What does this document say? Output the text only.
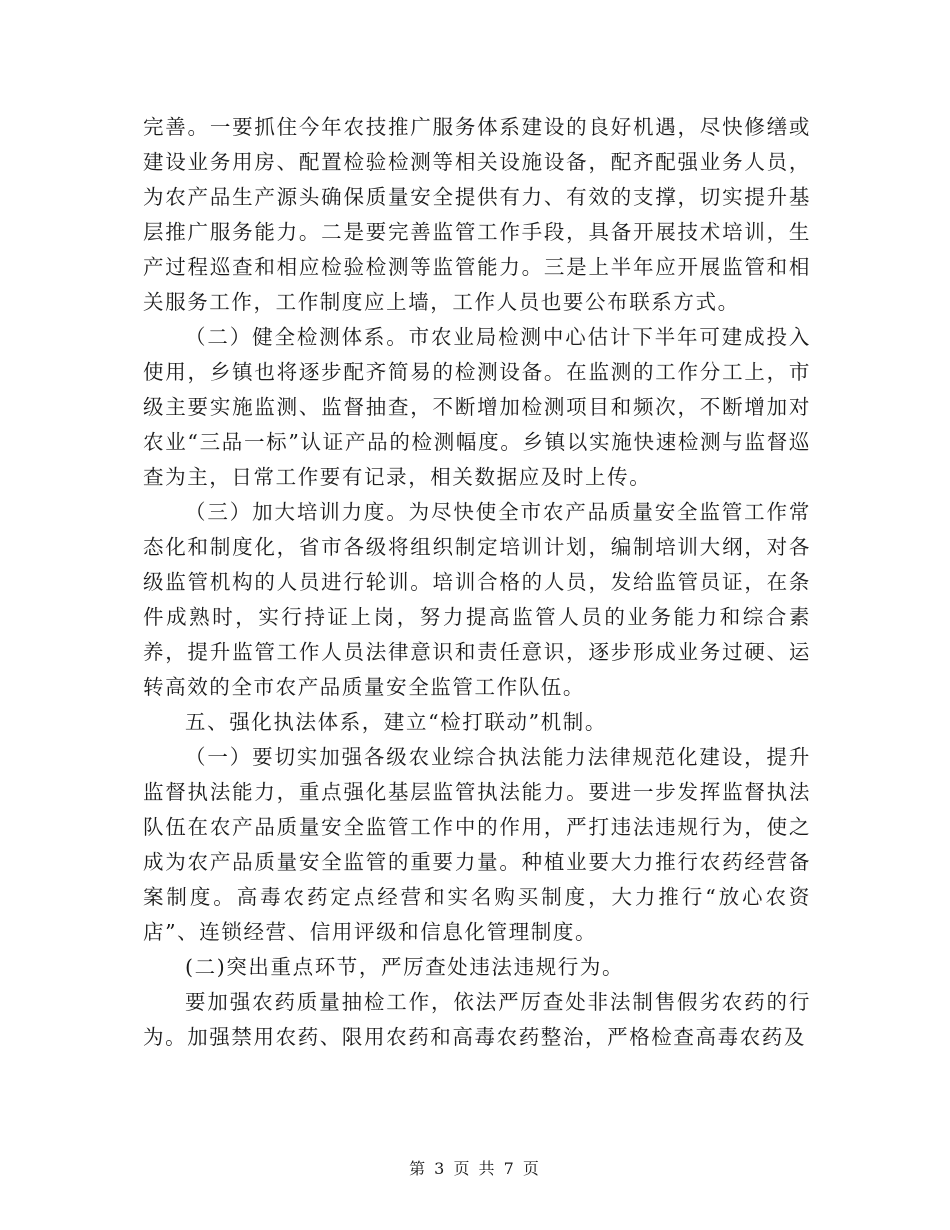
完善。一要抓住今年农技推广服务体系建设的良好机遇，尽快修缮或建设业务用房、配置检验检测等相关设施设备，配齐配强业务人员，为农产品生产源头确保质量安全提供有力、有效的支撑，切实提升基层推广服务能力。二是要完善监管工作手段，具备开展技术培训，生产过程巡查和相应检验检测等监管能力。三是上半年应开展监管和相关服务工作，工作制度应上墙，工作人员也要公布联系方式。

（二）健全检测体系。市农业局检测中心估计下半年可建成投入使用，乡镇也将逐步配齐简易的检测设备。在监测的工作分工上，市级主要实施监测、监督抽查，不断增加检测项目和频次，不断增加对农业“三品一标”认证产品的检测幅度。乡镇以实施快速检测与监督巡查为主，日常工作要有记录，相关数据应及时上传。

（三）加大培训力度。为尽快使全市农产品质量安全监管工作常态化和制度化，省市各级将组织制定培训计划，编制培训大纲，对各级监管机构的人员进行轮训。培训合格的人员，发给监管员证，在条件成熟时，实行持证上岗，努力提高监管人员的业务能力和综合素养，提升监管工作人员法律意识和责任意识，逐步形成业务过硬、运转高效的全市农产品质量安全监管工作队伍。

五、强化执法体系，建立“检打联动”机制。

（一）要切实加强各级农业综合执法能力法律规范化建设，提升监督执法能力，重点强化基层监管执法能力。要进一步发挥监督执法队伍在农产品质量安全监管工作中的作用，严打违法违规行为，使之成为农产品质量安全监管的重要力量。种植业要大力推行农药经营备案制度。高毒农药定点经营和实名购买制度，大力推行“放心农资店”、连锁经营、信用评级和信息化管理制度。

(二)突出重点环节，严厉查处违法违规行为。

要加强农药质量抽检工作，依法严厉查处非法制售假劣农药的行为。加强禁用农药、限用农药和高毒农药整治，严格检查高毒农药及

第 3 页 共 7 页
